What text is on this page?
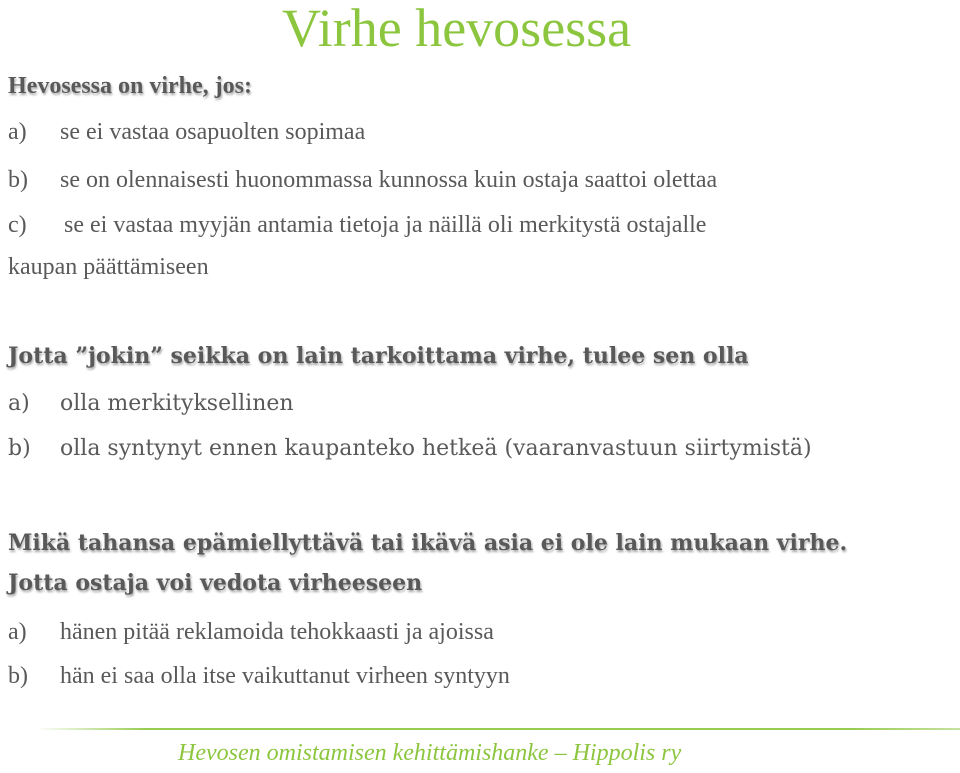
Virhe hevosessa
Hevosessa on virhe, jos:
a) se ei vastaa osapuolten sopimaa
b) se on olennaisesti huonommassa kunnossa kuin ostaja saattoi olettaa
c) se ei vastaa myyjän antamia tietoja ja näillä oli merkitystä ostajalle
kaupan päättämiseen
Jotta ”jokin” seikka on lain tarkoittama virhe, tulee sen olla
a) olla merkityksellinen
b) olla syntynyt ennen kaupanteko hetkeä (vaaranvastuun siirtymistä)
Mikä tahansa epämiellyttävä tai ikävä asia ei ole lain mukaan virhe.
Jotta ostaja voi vedota virheeseen
a) hänen pitää reklamoida tehokkaasti ja ajoissa
b) hän ei saa olla itse vaikuttanut virheen syntyyn
Hevosen omistamisen kehittämishanke – Hippolis ry
